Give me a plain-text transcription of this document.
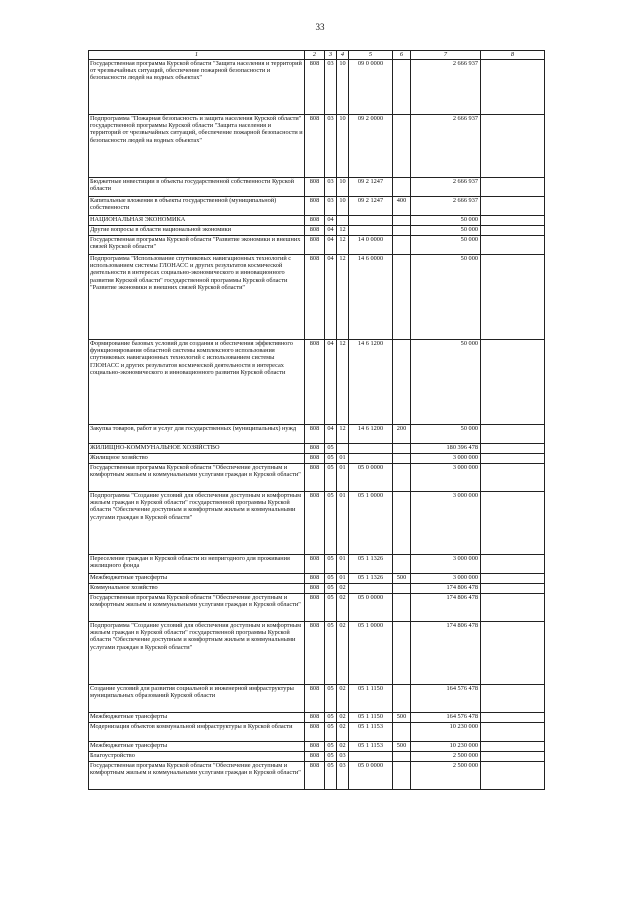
33
1	2	3	4	5	6	7	8
Государственная программа Курской области "Защита населения и территорий от чрезвычайных ситуаций, обеспечение пожарной безопасности и безопасности людей на водных объектах"	808	03	10	09 0 0000		2 666 937	
Подпрограмма "Пожарная безопасность и защита населения Курской области" государственной программы Курской области "Защита населения и территорий от чрезвычайных ситуаций, обеспечение пожарной безопасности и безопасности людей на водных объектах"	808	03	10	09 2 0000		2 666 937	
Бюджетные инвестиции в объекты государственной собственности Курской области	808	03	10	09 2 1247		2 666 937	
Капитальные вложения в объекты государственной (муниципальной) собственности	808	03	10	09 2 1247	400	2 666 937	
НАЦИОНАЛЬНАЯ ЭКОНОМИКА	808	04				50 000	
Другие вопросы в области национальной экономики	808	04	12			50 000	
Государственная программа Курской области "Развитие экономики и внешних связей Курской области"	808	04	12	14 0 0000		50 000	
Подпрограмма "Использование спутниковых навигационных технологий с использованием системы ГЛОНАСС и других результатов космической деятельности в интересах социально-экономического и инновационного развития Курской области" государственной программы Курской области "Развитие экономики и внешних связей Курской области"	808	04	12	14 6 0000		50 000	
Формирование базовых условий для создания и обеспечения эффективного функционирования областной системы комплексного использования спутниковых навигационных технологий с использованием системы ГЛОНАСС и других результатов космической деятельности в интересах социально-экономического и инновационного развития Курской области	808	04	12	14 6 1200		50 000	
Закупка товаров, работ и услуг для государственных (муниципальных) нужд	808	04	12	14 6 1200	200	50 000	
ЖИЛИЩНО-КОММУНАЛЬНОЕ ХОЗЯЙСТВО	808	05				180 396 478	
Жилищное хозяйство	808	05	01			3 000 000	
Государственная программа Курской области "Обеспечение доступным и комфортным жильем и коммунальными услугами граждан в Курской области"	808	05	01	05 0 0000		3 000 000	
Подпрограмма "Создание условий для обеспечения доступным и комфортным жильем граждан в Курской области" государственной программы Курской области "Обеспечение доступным и комфортным жильем и коммунальными услугами граждан в Курской области"	808	05	01	05 1 0000		3 000 000	
Переселение граждан в Курской области из непригодного для проживания жилищного фонда	808	05	01	05 1 1326		3 000 000	
Межбюджетные трансферты	808	05	01	05 1 1326	500	3 000 000	
Коммунальное хозяйство	808	05	02			174 806 478	
Государственная программа Курской области "Обеспечение доступным и комфортным жильем и коммунальными услугами граждан в Курской области"	808	05	02	05 0 0000		174 806 478	
Подпрограмма "Создание условий для обеспечения доступным и комфортным жильем граждан в Курской области" государственной программы Курской области "Обеспечение доступным и комфортным жильем и коммунальными услугами граждан в Курской области"	808	05	02	05 1 0000		174 806 478	
Создание условий для развития социальной и инженерной инфраструктуры муниципальных образований Курской области	808	05	02	05 1 1150		164 576 478	
Межбюджетные трансферты	808	05	02	05 1 1150	500	164 576 478	
Модернизация объектов коммунальной инфраструктуры в Курской области	808	05	02	05 1 1153		10 230 000	
Межбюджетные трансферты	808	05	02	05 1 1153	500	10 230 000	
Благоустройство	808	05	03			2 500 000	
Государственная программа Курской области "Обеспечение доступным и комфортным жильем и коммунальными услугами граждан в Курской области"	808	05	03	05 0 0000		2 500 000	
